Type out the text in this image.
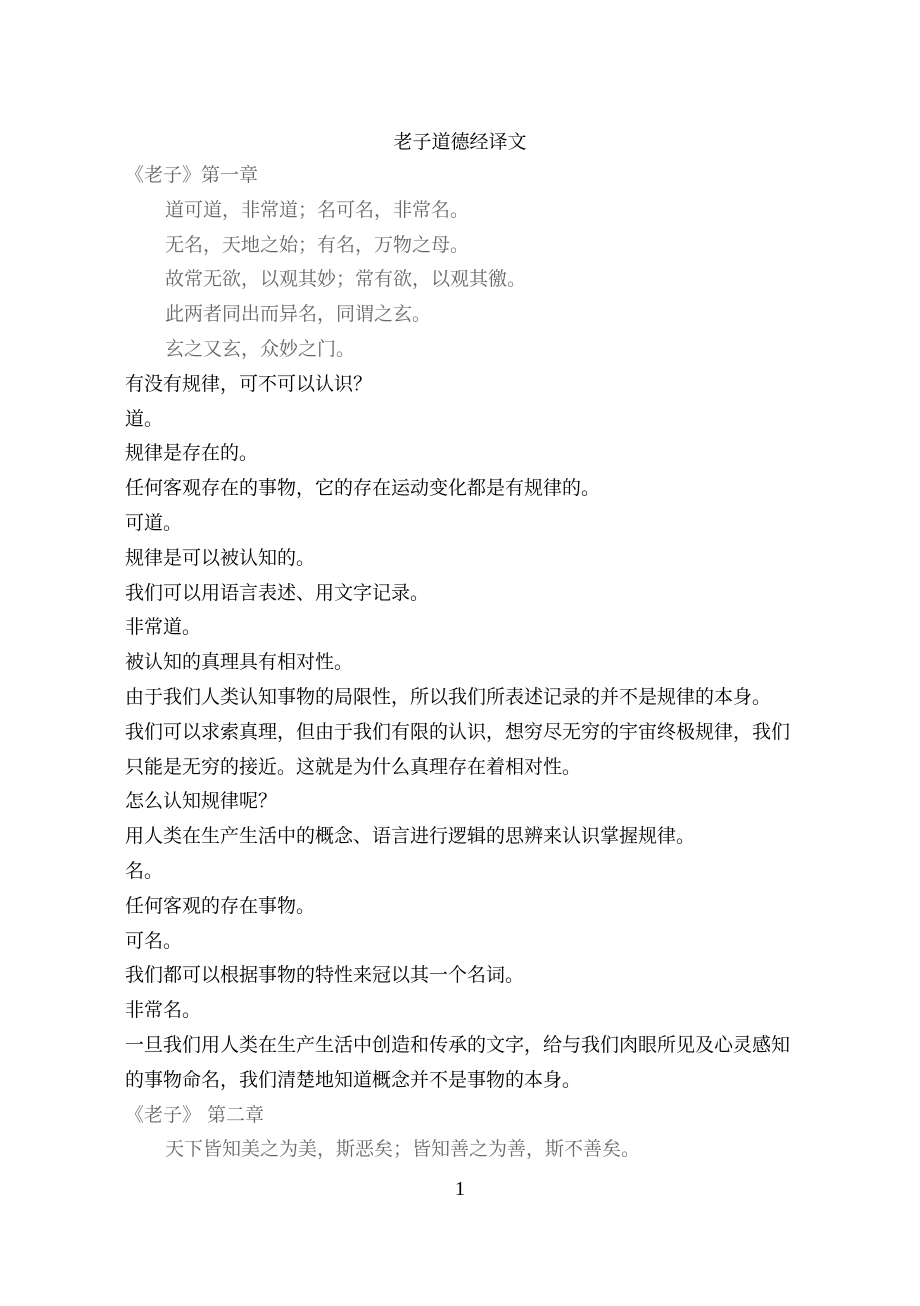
老子道德经译文
《老子》第一章
道可道，非常道；名可名，非常名。
无名，天地之始；有名，万物之母。
故常无欲，以观其妙；常有欲，以观其徼。
此两者同出而异名，同谓之玄。
玄之又玄，众妙之门。
有没有规律，可不可以认识？
道。
规律是存在的。
任何客观存在的事物，它的存在运动变化都是有规律的。
可道。
规律是可以被认知的。
我们可以用语言表述、用文字记录。
非常道。
被认知的真理具有相对性。
由于我们人类认知事物的局限性，所以我们所表述记录的并不是规律的本身。
我们可以求索真理，但由于我们有限的认识，想穷尽无穷的宇宙终极规律，我们只能是无穷的接近。这就是为什么真理存在着相对性。
怎么认知规律呢？
用人类在生产生活中的概念、语言进行逻辑的思辨来认识掌握规律。
名。
任何客观的存在事物。
可名。
我们都可以根据事物的特性来冠以其一个名词。
非常名。
一旦我们用人类在生产生活中创造和传承的文字，给与我们肉眼所见及心灵感知的事物命名，我们清楚地知道概念并不是事物的本身。
《老子》 第二章
天下皆知美之为美，斯恶矣；皆知善之为善，斯不善矣。
1
